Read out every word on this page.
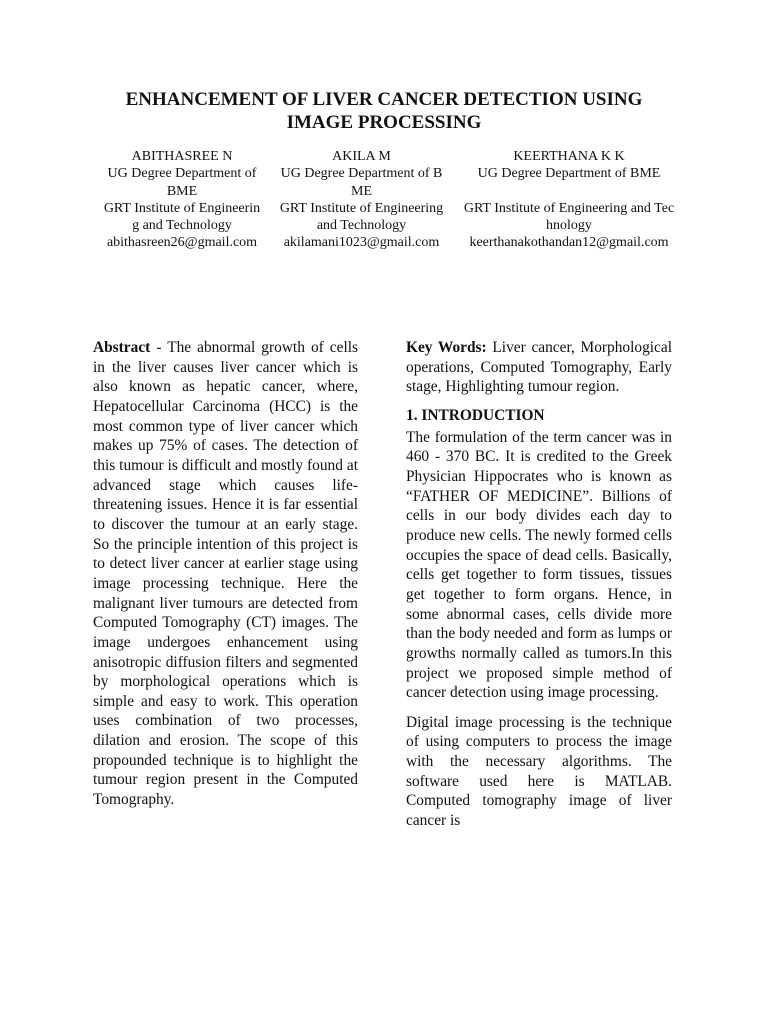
ENHANCEMENT OF LIVER CANCER DETECTION USING
IMAGE PROCESSING
ABITHASREE N
UG Degree Department of BME
GRT Institute of Engineering and Technology
abithasreen26@gmail.com
AKILA M
UG Degree Department of BME
GRT Institute of Engineering and Technology
akilamani1023@gmail.com
KEERTHANA K K
UG Degree Department of BME
GRT Institute of Engineering and Technology
keerthanakothandan12@gmail.com

Abstract - The abnormal growth of cells in the liver causes liver cancer which is also known as hepatic cancer, where, Hepatocellular Carcinoma (HCC) is the most common type of liver cancer which makes up 75% of cases. The detection of this tumour is difficult and mostly found at advanced stage which causes life-threatening issues. Hence it is far essential to discover the tumour at an early stage. So the principle intention of this project is to detect liver cancer at earlier stage using image processing technique. Here the malignant liver tumours are detected from Computed Tomography (CT) images. The image undergoes enhancement using anisotropic diffusion filters and segmented by morphological operations which is simple and easy to work. This operation uses combination of two processes, dilation and erosion. The scope of this propounded technique is to highlight the tumour region present in the Computed Tomography.

Key Words: Liver cancer, Morphological operations, Computed Tomography, Early stage, Highlighting tumour region.

1. INTRODUCTION

The formulation of the term cancer was in 460 - 370 BC. It is credited to the Greek Physician Hippocrates who is known as “FATHER OF MEDICINE”. Billions of cells in our body divides each day to produce new cells. The newly formed cells occupies the space of dead cells. Basically, cells get together to form tissues, tissues get together to form organs. Hence, in some abnormal cases, cells divide more than the body needed and form as lumps or growths normally called as tumors.In this project we proposed simple method of cancer detection using image processing.

Digital image processing is the technique of using computers to process the image with the necessary algorithms. The software used here is MATLAB. Computed tomography image of liver cancer is
